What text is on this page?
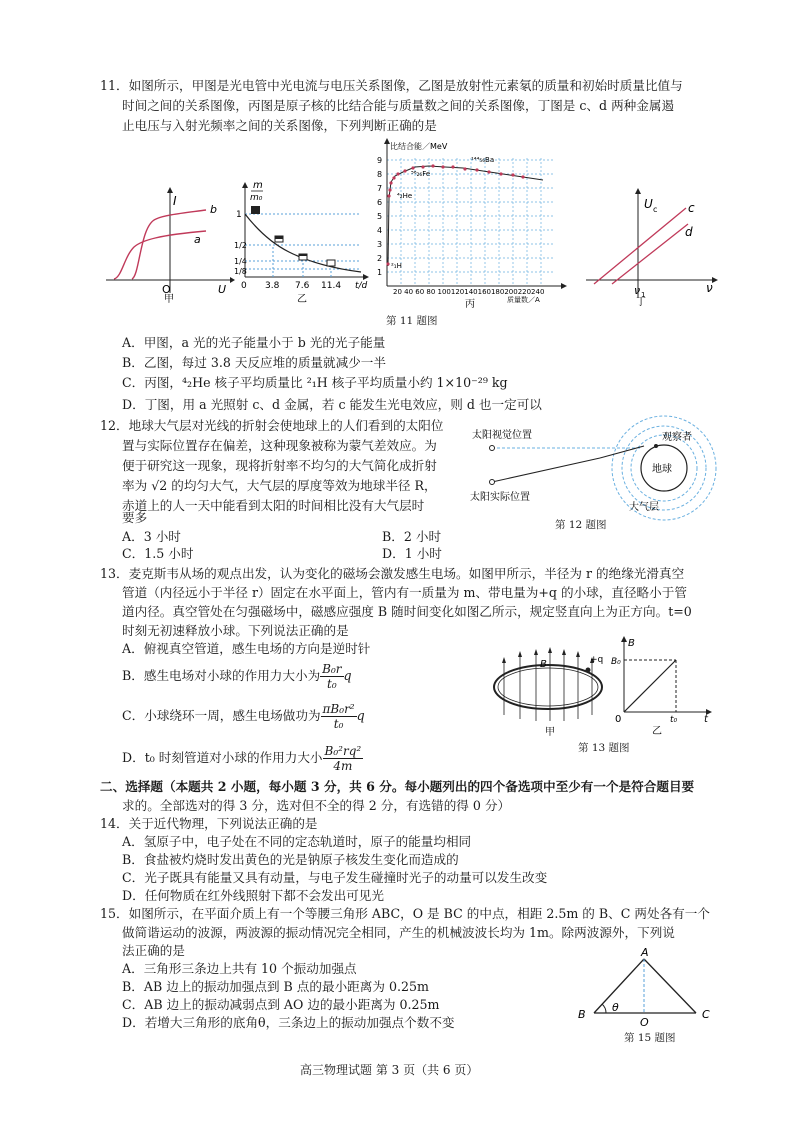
11．如图所示，甲图是光电管中光电流与电压关系图像，乙图是放射性元素氡的质量和初始时质量比值与
时间之间的关系图像，丙图是原子核的比结合能与质量数之间的关系图像，丁图是 c、d 两种金属遏
止电压与入射光频率之间的关系图像，下列判断正确的是
I
b
a
O	U
甲
m
m₀
1
1/2
1/4
1/8
0 3.8 7.6 11.4 t/d
乙
比结合能／MeV
9
8
7
6
5
4
3
2
1
¹⁴⁴₅₆Ba
⁵⁶₂₆Fe
⁴₂He
²₁H
20 40 60 80 100120140160180200220240
质量数／A
丙
U c	c
d
ν 1	ν
丁
第 11 题图
A．甲图，a 光的光子能量小于 b 光的光子能量
B．乙图，每过 3.8 天反应堆的质量就减少一半
C．丙图，⁴₂He 核子平均质量比 ²₁H 核子平均质量小约 1×10⁻²⁹ kg
D．丁图，用 a 光照射 c、d 金属，若 c 能发生光电效应，则 d 也一定可以
12．地球大气层对光线的折射会使地球上的人们看到的太阳位
置与实际位置存在偏差，这种现象被称为蒙气差效应。为
便于研究这一现象，现将折射率不均匀的大气简化成折射
率为 √2 的均匀大气，大气层的厚度等效为地球半径 R，
赤道上的人一天中能看到太阳的时间相比没有大气层时
要多
太阳视觉位置
太阳实际位置
观察者
地球
大气层
第 12 题图
A．3 小时	B．2 小时
C．1.5 小时	D．1 小时
13．麦克斯韦从场的观点出发，认为变化的磁场会激发感生电场。如图甲所示，半径为 r 的绝缘光滑真空
管道（内径远小于半径 r）固定在水平面上，管内有一质量为 m、带电量为+q 的小球，直径略小于管
道内径。真空管处在匀强磁场中，磁感应强度 B 随时间变化如图乙所示，规定竖直向上为正方向。t=0
时刻无初速释放小球。下列说法正确的是
A．俯视真空管道，感生电场的方向是逆时针
B．感生电场对小球的作用力大小为 $\frac{\text{B₀r}}{\text{t₀}}$ q
C．小球绕环一周，感生电场做功为 $\frac{\text{πB₀r²}}{\text{t₀}}$ q
D．t₀ 时刻管道对小球的作用力大小 $\frac{\text{B₀²rq²}}{4m}$
B	+q
甲
B
B₀
0	t₀	t
乙
第 13 题图
二、选择题（本题共 2 小题，每小题 3 分，共 6 分。每小题列出的四个备选项中至少有一个是符合题目要
求的。全部选对的得 3 分，选对但不全的得 2 分，有选错的得 0 分）
14．关于近代物理，下列说法正确的是
A．氢原子中，电子处在不同的定态轨道时，原子的能量均相同
B．食盐被灼烧时发出黄色的光是钠原子核发生变化而造成的
C．光子既具有能量又具有动量，与电子发生碰撞时光子的动量可以发生改变
D．任何物质在红外线照射下都不会发出可见光
15．如图所示，在平面介质上有一个等腰三角形 ABC，O 是 BC 的中点，相距 2.5m 的 B、C 两处各有一个
做简谐运动的波源，两波源的振动情况完全相同，产生的机械波波长均为 1m。除两波源外，下列说
法正确的是
A．三角形三条边上共有 10 个振动加强点
B．AB 边上的振动加强点到 B 点的最小距离为 0.25m
C．AB 边上的振动减弱点到 AO 边的最小距离为 0.25m
D．若增大三角形的底角θ，三条边上的振动加强点个数不变
A
B	C
O
θ
第 15 题图
高三物理试题 第 3 页（共 6 页）
